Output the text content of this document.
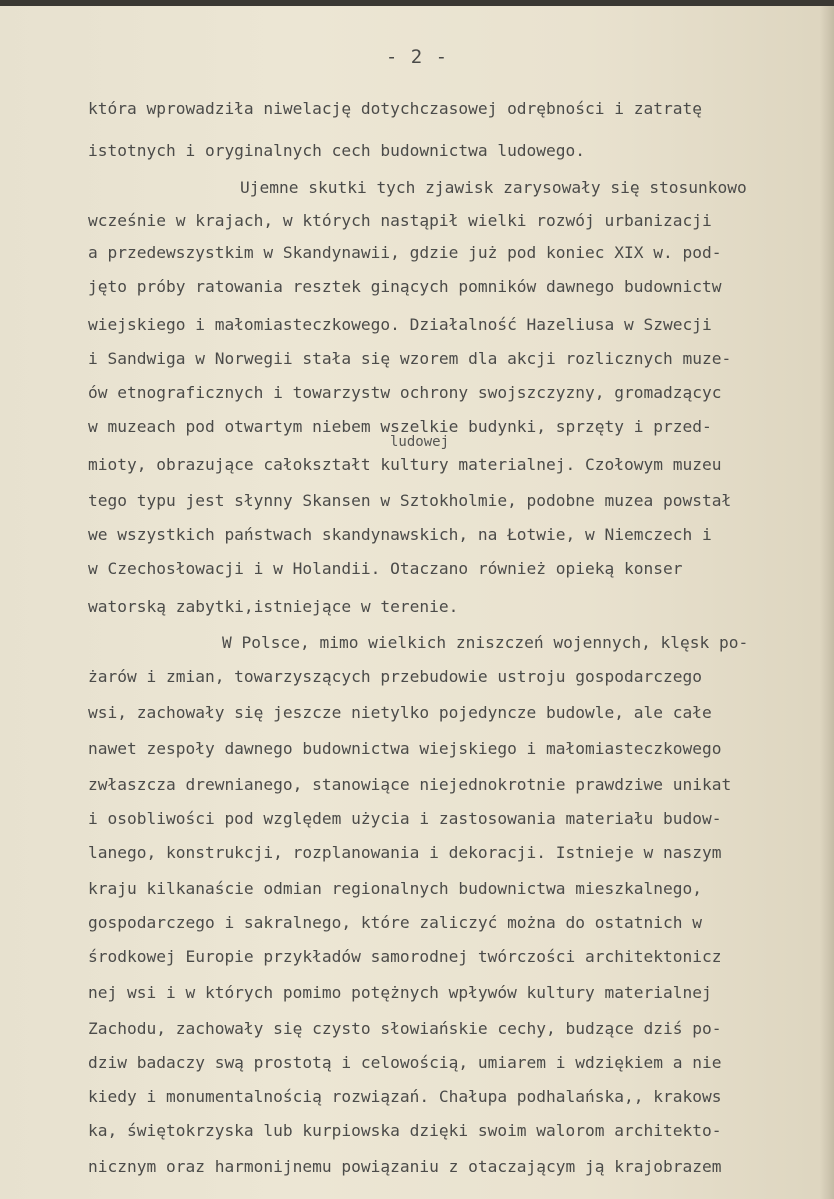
- 2 -

która wprowadziła niwelację dotychczasowej odrębności i zatratę

istotnych i oryginalnych cech budownictwa ludowego.

Ujemne skutki tych zjawisk zarysowały się stosunkowo

wcześnie w krajach, w których nastąpił wielki rozwój urbanizacji

a przedewszystkim w Skandynawii, gdzie już pod koniec XIX w. pod-

jęto próby ratowania resztek ginących pomników dawnego budownictw

wiejskiego i małomiasteczkowego. Działalność Hazeliusa w Szwecji

i Sandwiga w Norwegii stała się wzorem dla akcji rozlicznych muze-

ów etnograficznych i towarzystw ochrony swojszczyzny, gromadzącyc

w muzeach pod otwartym niebem wszelkie budynki, sprzęty i przed-

ludowej

mioty, obrazujące całokształt kultury materialnej. Czołowym muzeu

tego typu jest słynny Skansen w Sztokholmie, podobne muzea powstał

we wszystkich państwach skandynawskich, na Łotwie, w Niemczech i

w Czechosłowacji i w Holandii. Otaczano również opieką konser

watorską zabytki,istniejące w terenie.

W Polsce, mimo wielkich zniszczeń wojennych, klęsk po-

żarów i zmian, towarzyszących przebudowie ustroju gospodarczego

wsi, zachowały się jeszcze nietylko pojedyncze budowle, ale całe

nawet zespoły dawnego budownictwa wiejskiego i małomiasteczkowego

zwłaszcza drewnianego, stanowiące niejednokrotnie prawdziwe unikat

i osobliwości pod względem użycia i zastosowania materiału budow-

lanego, konstrukcji, rozplanowania i dekoracji. Istnieje w naszym

kraju kilkanaście odmian regionalnych budownictwa mieszkalnego,

gospodarczego i sakralnego, które zaliczyć można do ostatnich w

środkowej Europie przykładów samorodnej twórczości architektonicz

nej wsi i w których pomimo potężnych wpływów kultury materialnej

Zachodu, zachowały się czysto słowiańskie cechy, budzące dziś po-

dziw badaczy swą prostotą i celowością, umiarem i wdziękiem a nie

kiedy i monumentalnością rozwiązań. Chałupa podhalańska,, krakows

ka, świętokrzyska lub kurpiowska dzięki swoim walorom architekto-

nicznym oraz harmonijnemu powiązaniu z otaczającym ją krajobrazem
